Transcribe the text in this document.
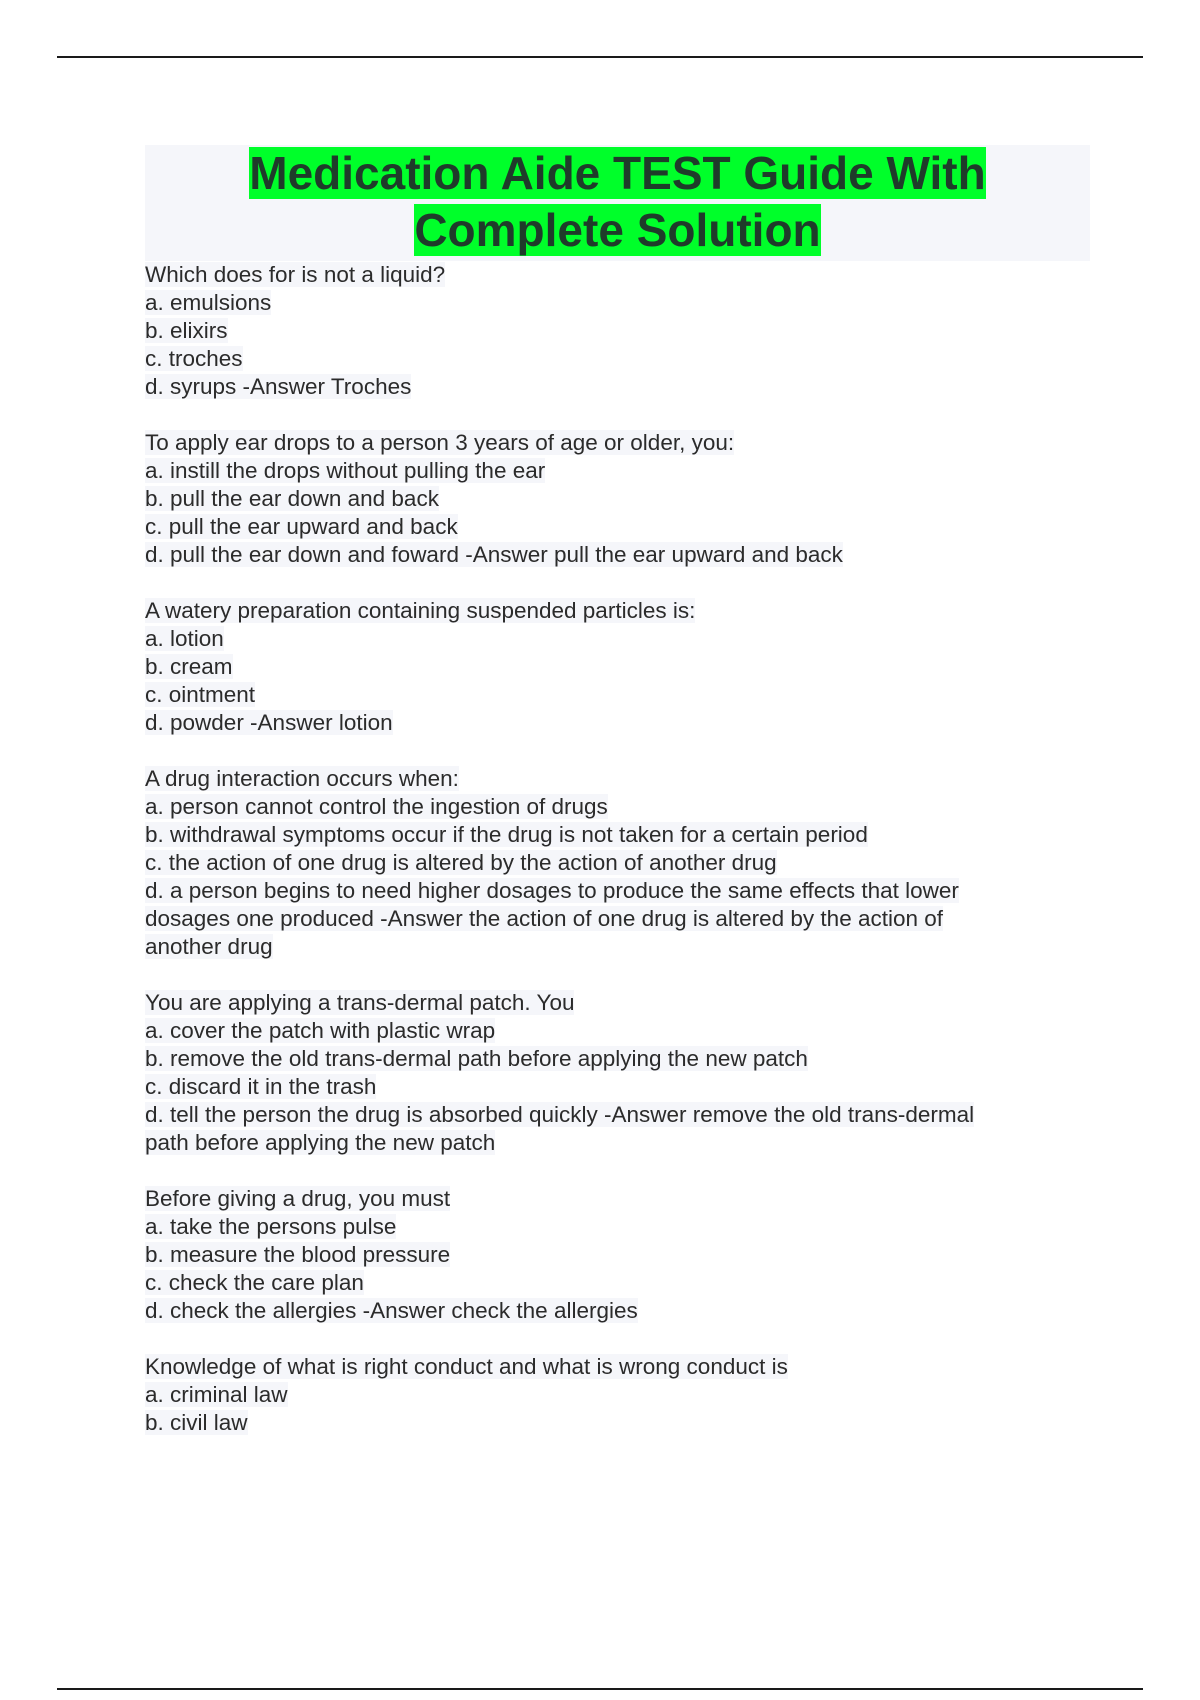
Medication Aide TEST Guide With
Complete Solution
Which does for is not a liquid?
a. emulsions
b. elixirs
c. troches
d. syrups -Answer Troches
To apply ear drops to a person 3 years of age or older, you:
a. instill the drops without pulling the ear
b. pull the ear down and back
c. pull the ear upward and back
d. pull the ear down and foward -Answer pull the ear upward and back
A watery preparation containing suspended particles is:
a. lotion
b. cream
c. ointment
d. powder -Answer lotion
A drug interaction occurs when:
a. person cannot control the ingestion of drugs
b. withdrawal symptoms occur if the drug is not taken for a certain period
c. the action of one drug is altered by the action of another drug
d. a person begins to need higher dosages to produce the same effects that lower
dosages one produced -Answer the action of one drug is altered by the action of
another drug
You are applying a trans-dermal patch. You
a. cover the patch with plastic wrap
b. remove the old trans-dermal path before applying the new patch
c. discard it in the trash
d. tell the person the drug is absorbed quickly -Answer remove the old trans-dermal
path before applying the new patch
Before giving a drug, you must
a. take the persons pulse
b. measure the blood pressure
c. check the care plan
d. check the allergies -Answer check the allergies
Knowledge of what is right conduct and what is wrong conduct is
a. criminal law
b. civil law
